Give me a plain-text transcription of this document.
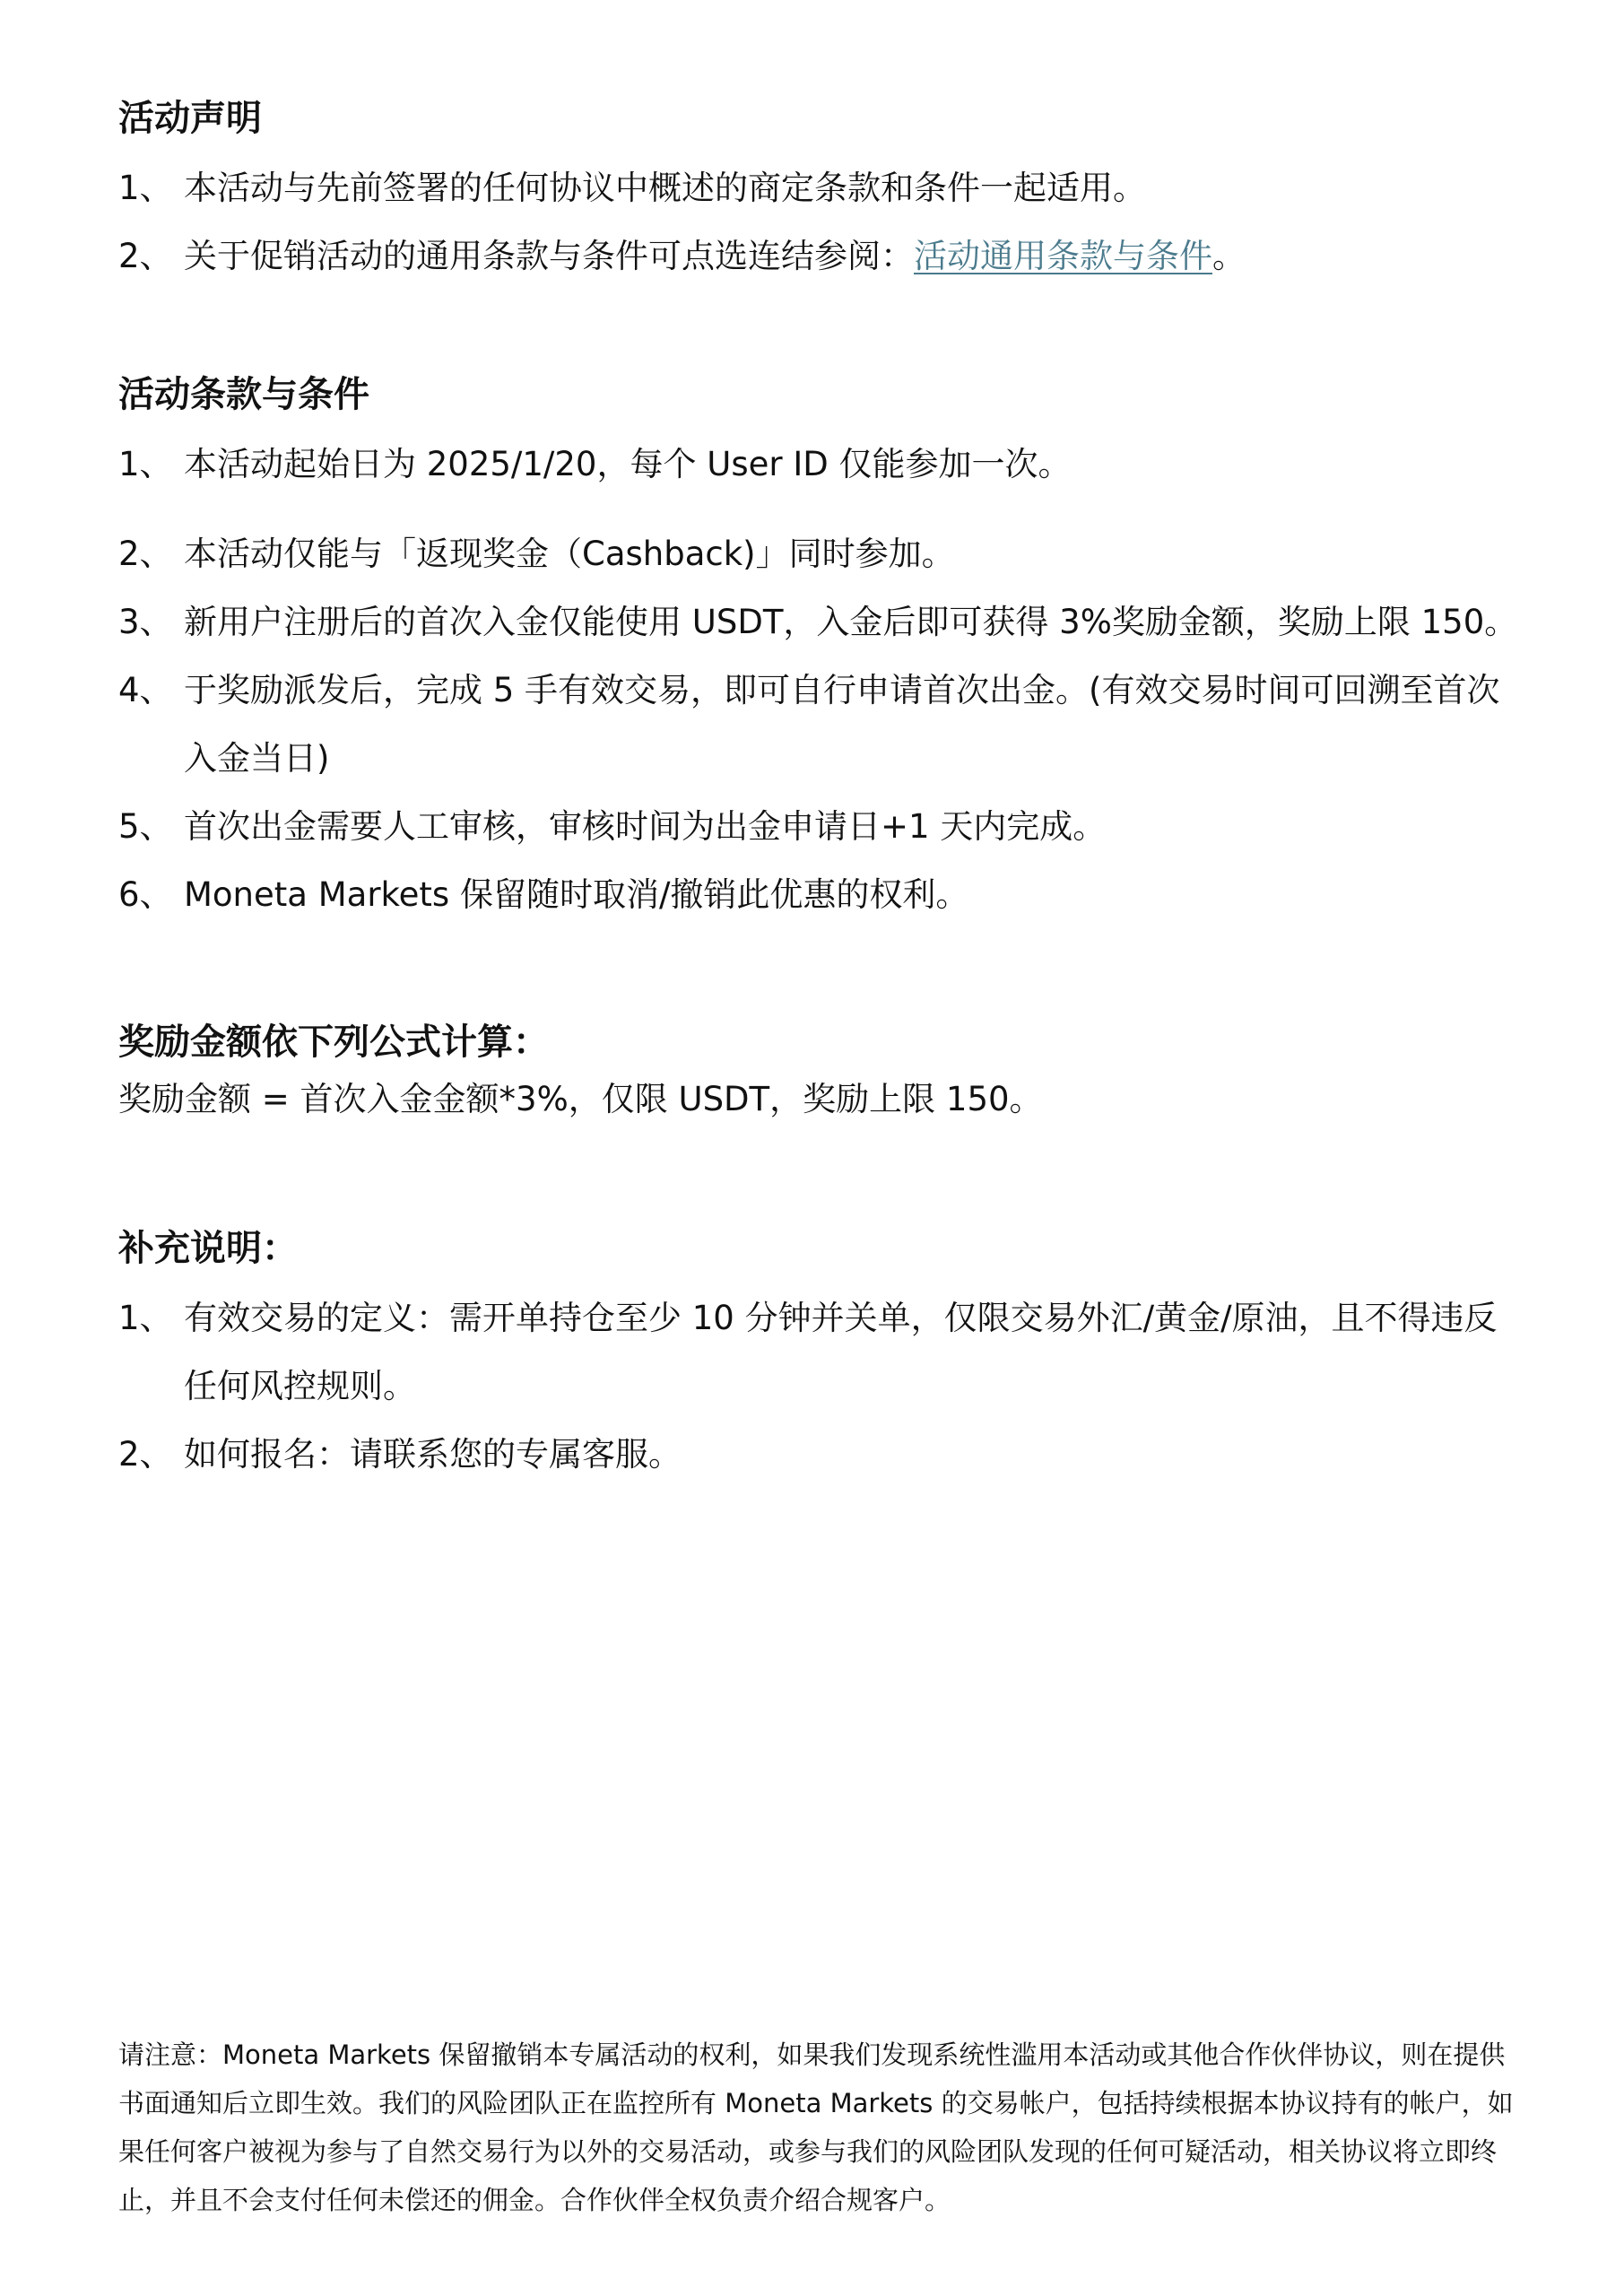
活动声明

1、 本活动与先前签署的任何协议中概述的商定条款和条件一起适用。

2、 关于促销活动的通用条款与条件可点选连结参阅：活动通用条款与条件。

活动条款与条件

1、 本活动起始日为 2025/1/20，每个 User ID 仅能参加一次。

2、 本活动仅能与「返现奖金（Cashback)」同时参加。

3、 新用户注册后的首次入金仅能使用 USDT，入金后即可获得 3%奖励金额，奖励上限 150。

4、 于奖励派发后，完成 5 手有效交易，即可自行申请首次出金。(有效交易时间可回溯至首次入金当日)

5、 首次出金需要人工审核，审核时间为出金申请日+1 天内完成。

6、 Moneta Markets 保留随时取消/撤销此优惠的权利。

奖励金额依下列公式计算：

奖励金额 = 首次入金金额*3%，仅限 USDT，奖励上限 150。

补充说明：

1、 有效交易的定义：需开单持仓至少 10 分钟并关单，仅限交易外汇/黄金/原油，且不得违反任何风控规则。

2、 如何报名：请联系您的专属客服。

请注意：Moneta Markets 保留撤销本专属活动的权利，如果我们发现系统性滥用本活动或其他合作伙伴协议，则在提供书面通知后立即生效。我们的风险团队正在监控所有 Moneta Markets 的交易帐户，包括持续根据本协议持有的帐户，如果任何客户被视为参与了自然交易行为以外的交易活动，或参与我们的风险团队发现的任何可疑活动，相关协议将立即终止，并且不会支付任何未偿还的佣金。合作伙伴全权负责介绍合规客户。
